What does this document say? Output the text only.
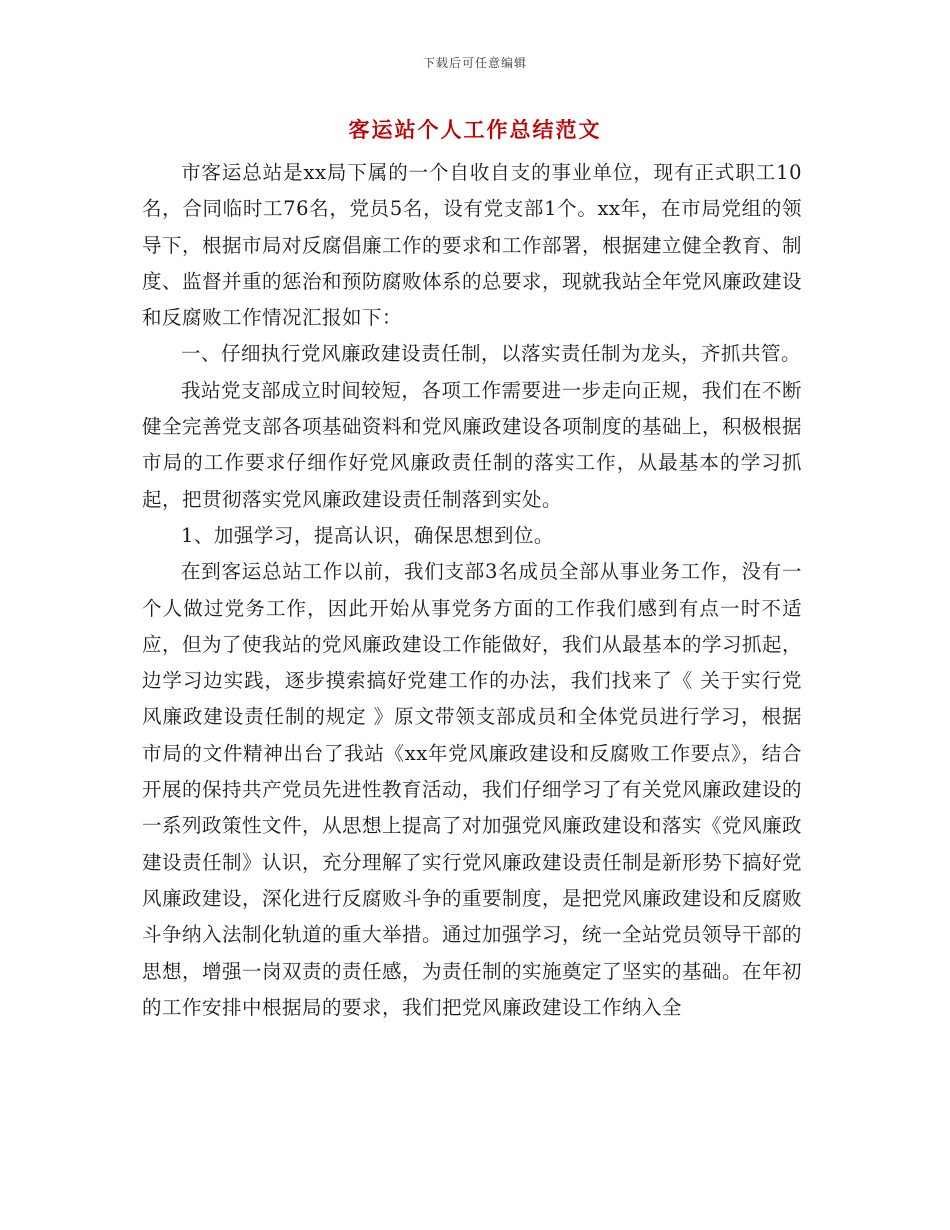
下载后可任意编辑
客运站个人工作总结范文

市客运总站是xx局下属的一个自收自支的事业单位，现有正式职工10名，合同临时工76名，党员5名，设有党支部1个。xx年，在市局党组的领导下，根据市局对反腐倡廉工作的要求和工作部署，根据建立健全教育、制度、监督并重的惩治和预防腐败体系的总要求，现就我站全年党风廉政建设和反腐败工作情况汇报如下：

一、仔细执行党风廉政建设责任制，以落实责任制为龙头，齐抓共管。

我站党支部成立时间较短，各项工作需要进一步走向正规，我们在不断健全完善党支部各项基础资料和党风廉政建设各项制度的基础上，积极根据市局的工作要求仔细作好党风廉政责任制的落实工作，从最基本的学习抓起，把贯彻落实党风廉政建设责任制落到实处。

1、加强学习，提高认识，确保思想到位。

在到客运总站工作以前，我们支部3名成员全部从事业务工作，没有一个人做过党务工作，因此开始从事党务方面的工作我们感到有点一时不适应，但为了使我站的党风廉政建设工作能做好，我们从最基本的学习抓起，边学习边实践，逐步摸索搞好党建工作的办法，我们找来了《 关于实行党风廉政建设责任制的规定 》原文带领支部成员和全体党员进行学习，根据市局的文件精神出台了我站《xx年党风廉政建设和反腐败工作要点》，结合开展的保持共产党员先进性教育活动，我们仔细学习了有关党风廉政建设的一系列政策性文件，从思想上提高了对加强党风廉政建设和落实《党风廉政建设责任制》认识，充分理解了实行党风廉政建设责任制是新形势下搞好党风廉政建设，深化进行反腐败斗争的重要制度，是把党风廉政建设和反腐败斗争纳入法制化轨道的重大举措。通过加强学习，统一全站党员领导干部的思想，增强一岗双责的责任感，为责任制的实施奠定了坚实的基础。在年初的工作安排中根据局的要求，我们把党风廉政建设工作纳入全
